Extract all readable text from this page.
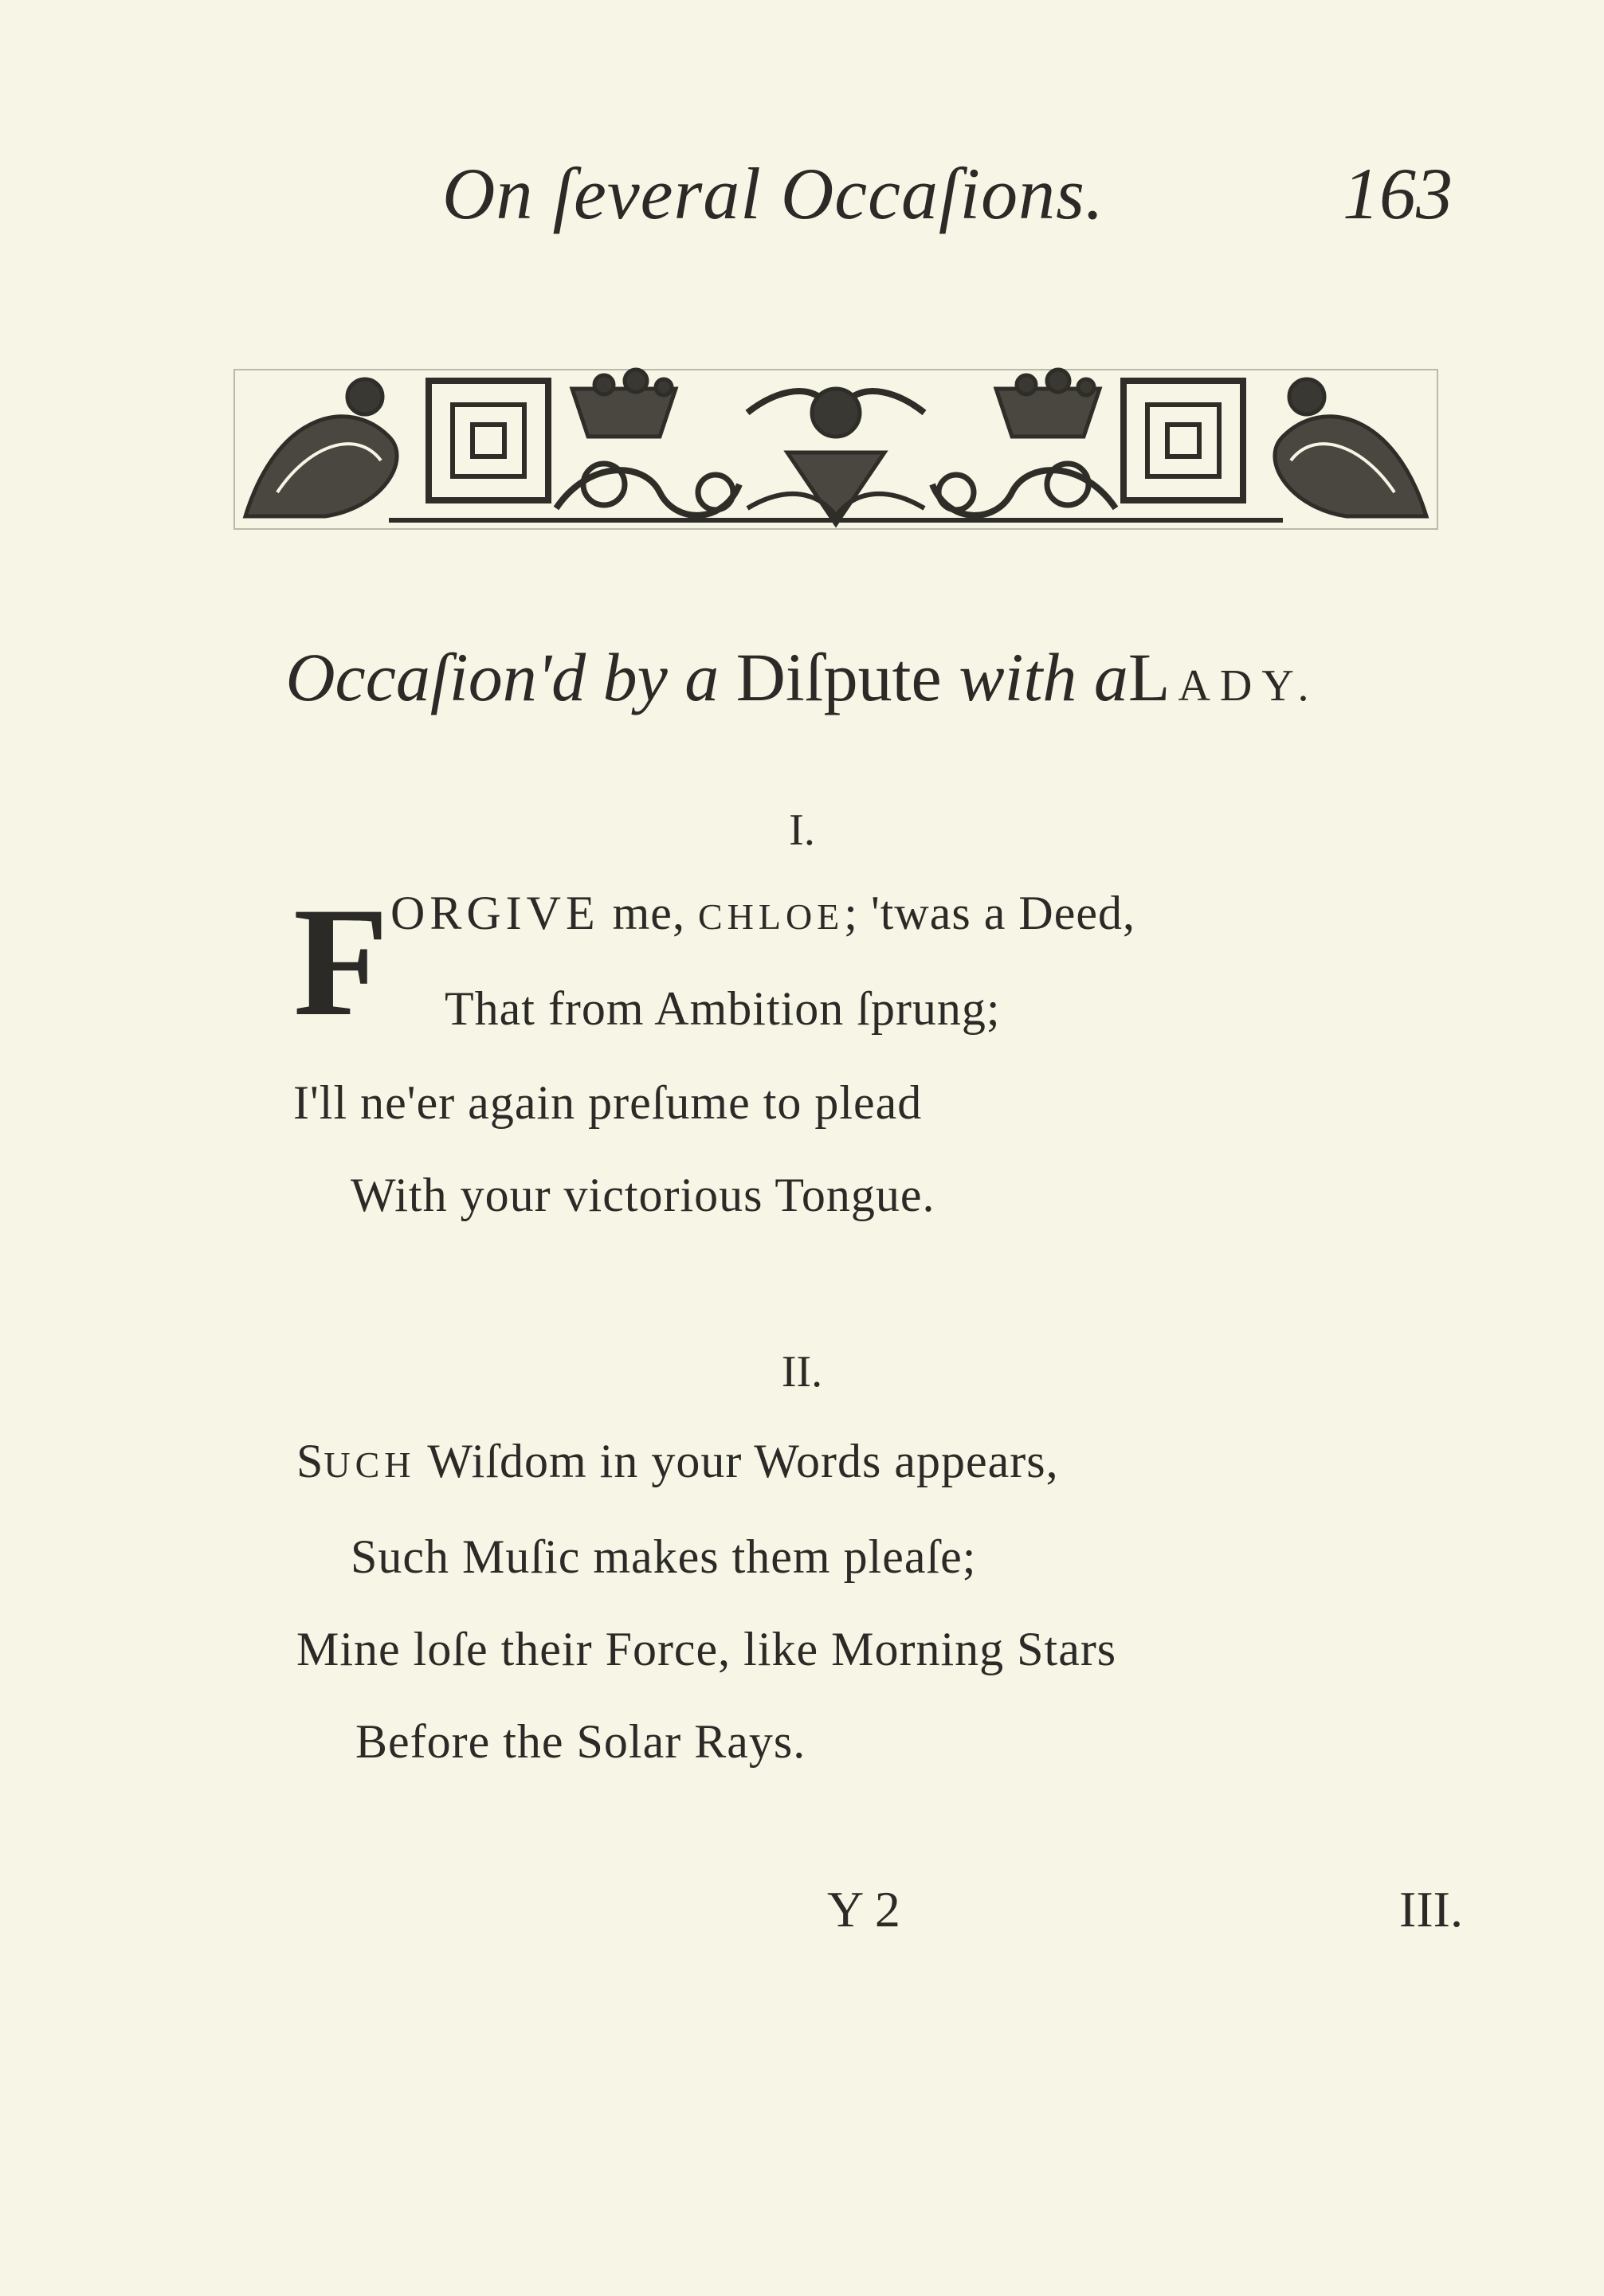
On ſeveral Occaſions.	163
Occaſion'd by a Diſpute with aLADY.
I.
F ORGIVE me, CHLOE; 'twas a Deed,
That from Ambition ſprung;
I'll ne'er again preſume to plead
With your victorious Tongue.
II.
SUCH Wiſdom in your Words appears,
Such Muſic makes them pleaſe;
Mine loſe their Force, like Morning Stars
Before the Solar Rays.
Y 2	III.
